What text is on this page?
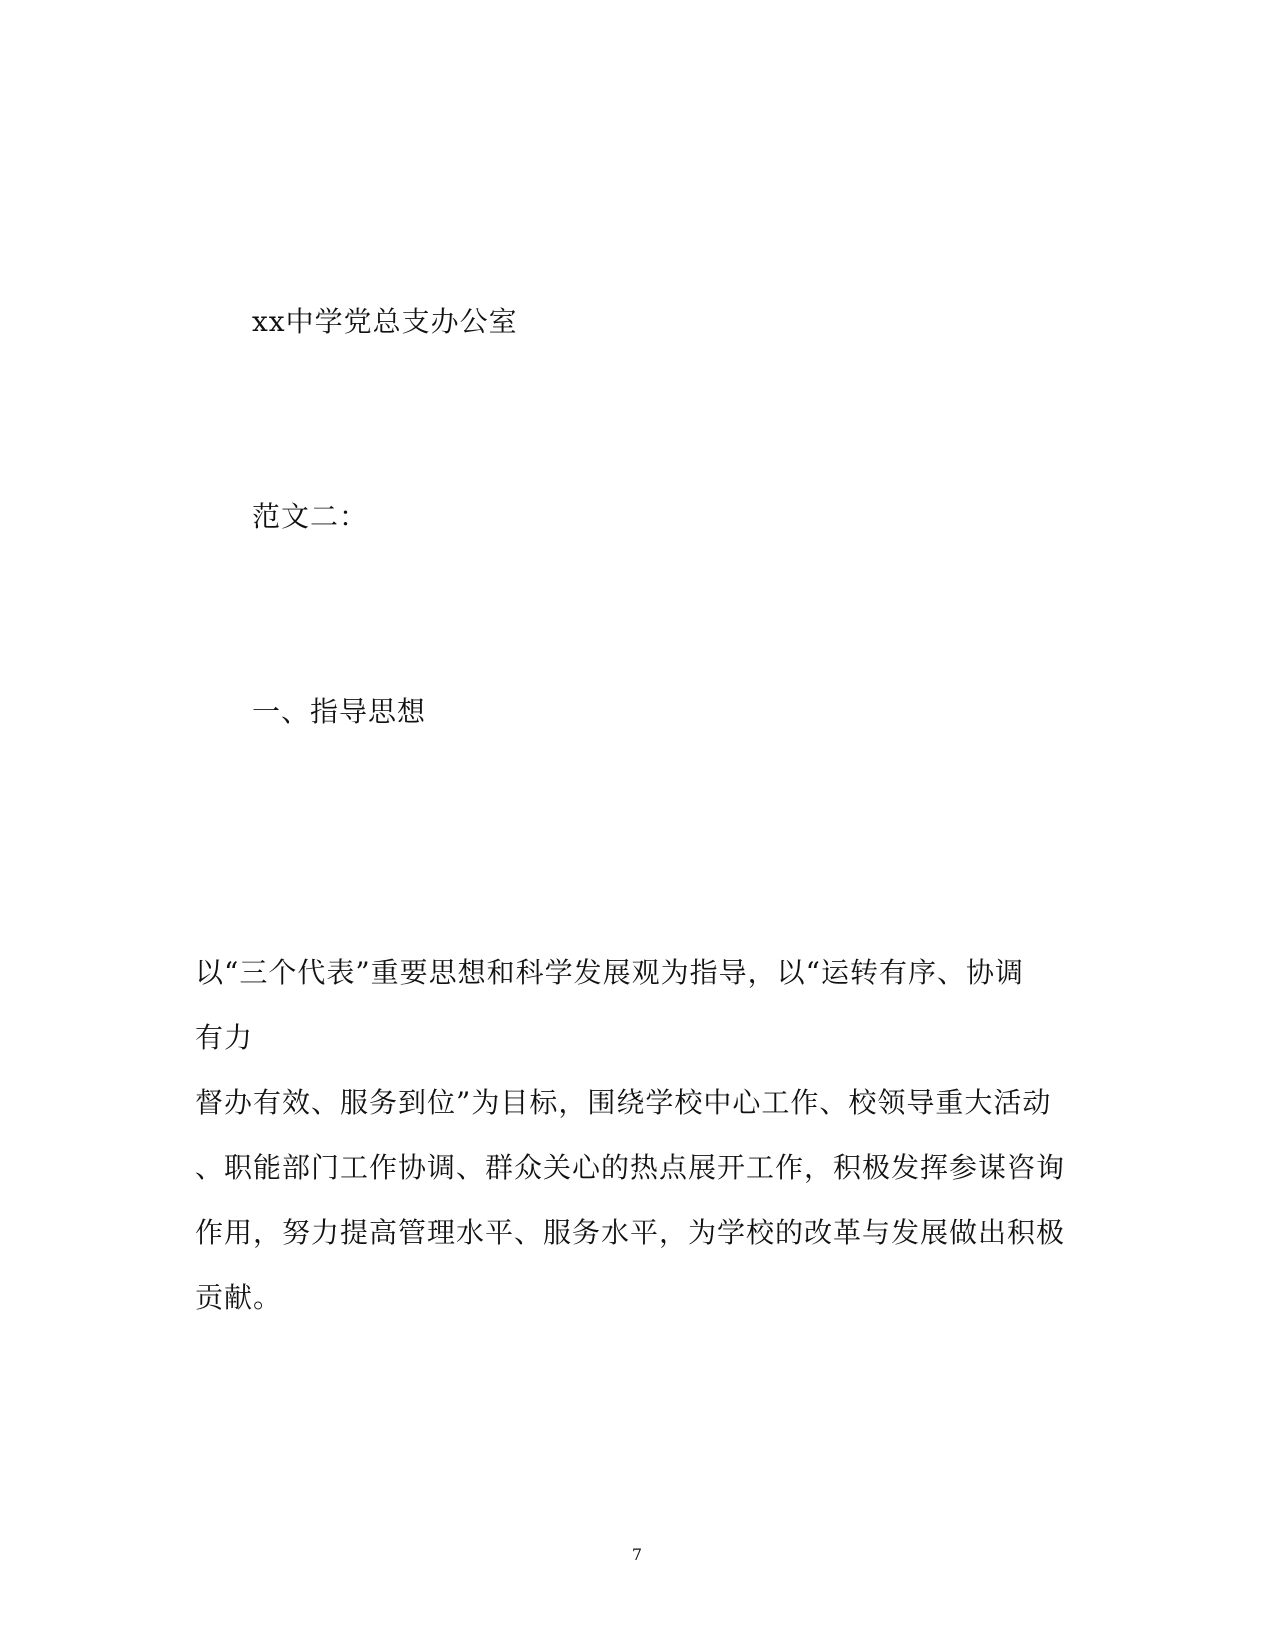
xx中学党总支办公室
范文二：
一、指导思想
以“三个代表”重要思想和科学发展观为指导，以“运转有序、协调
有力
督办有效、服务到位”为目标，围绕学校中心工作、校领导重大活动
、职能部门工作协调、群众关心的热点展开工作，积极发挥参谋咨询
作用，努力提高管理水平、服务水平，为学校的改革与发展做出积极
贡献。
7
